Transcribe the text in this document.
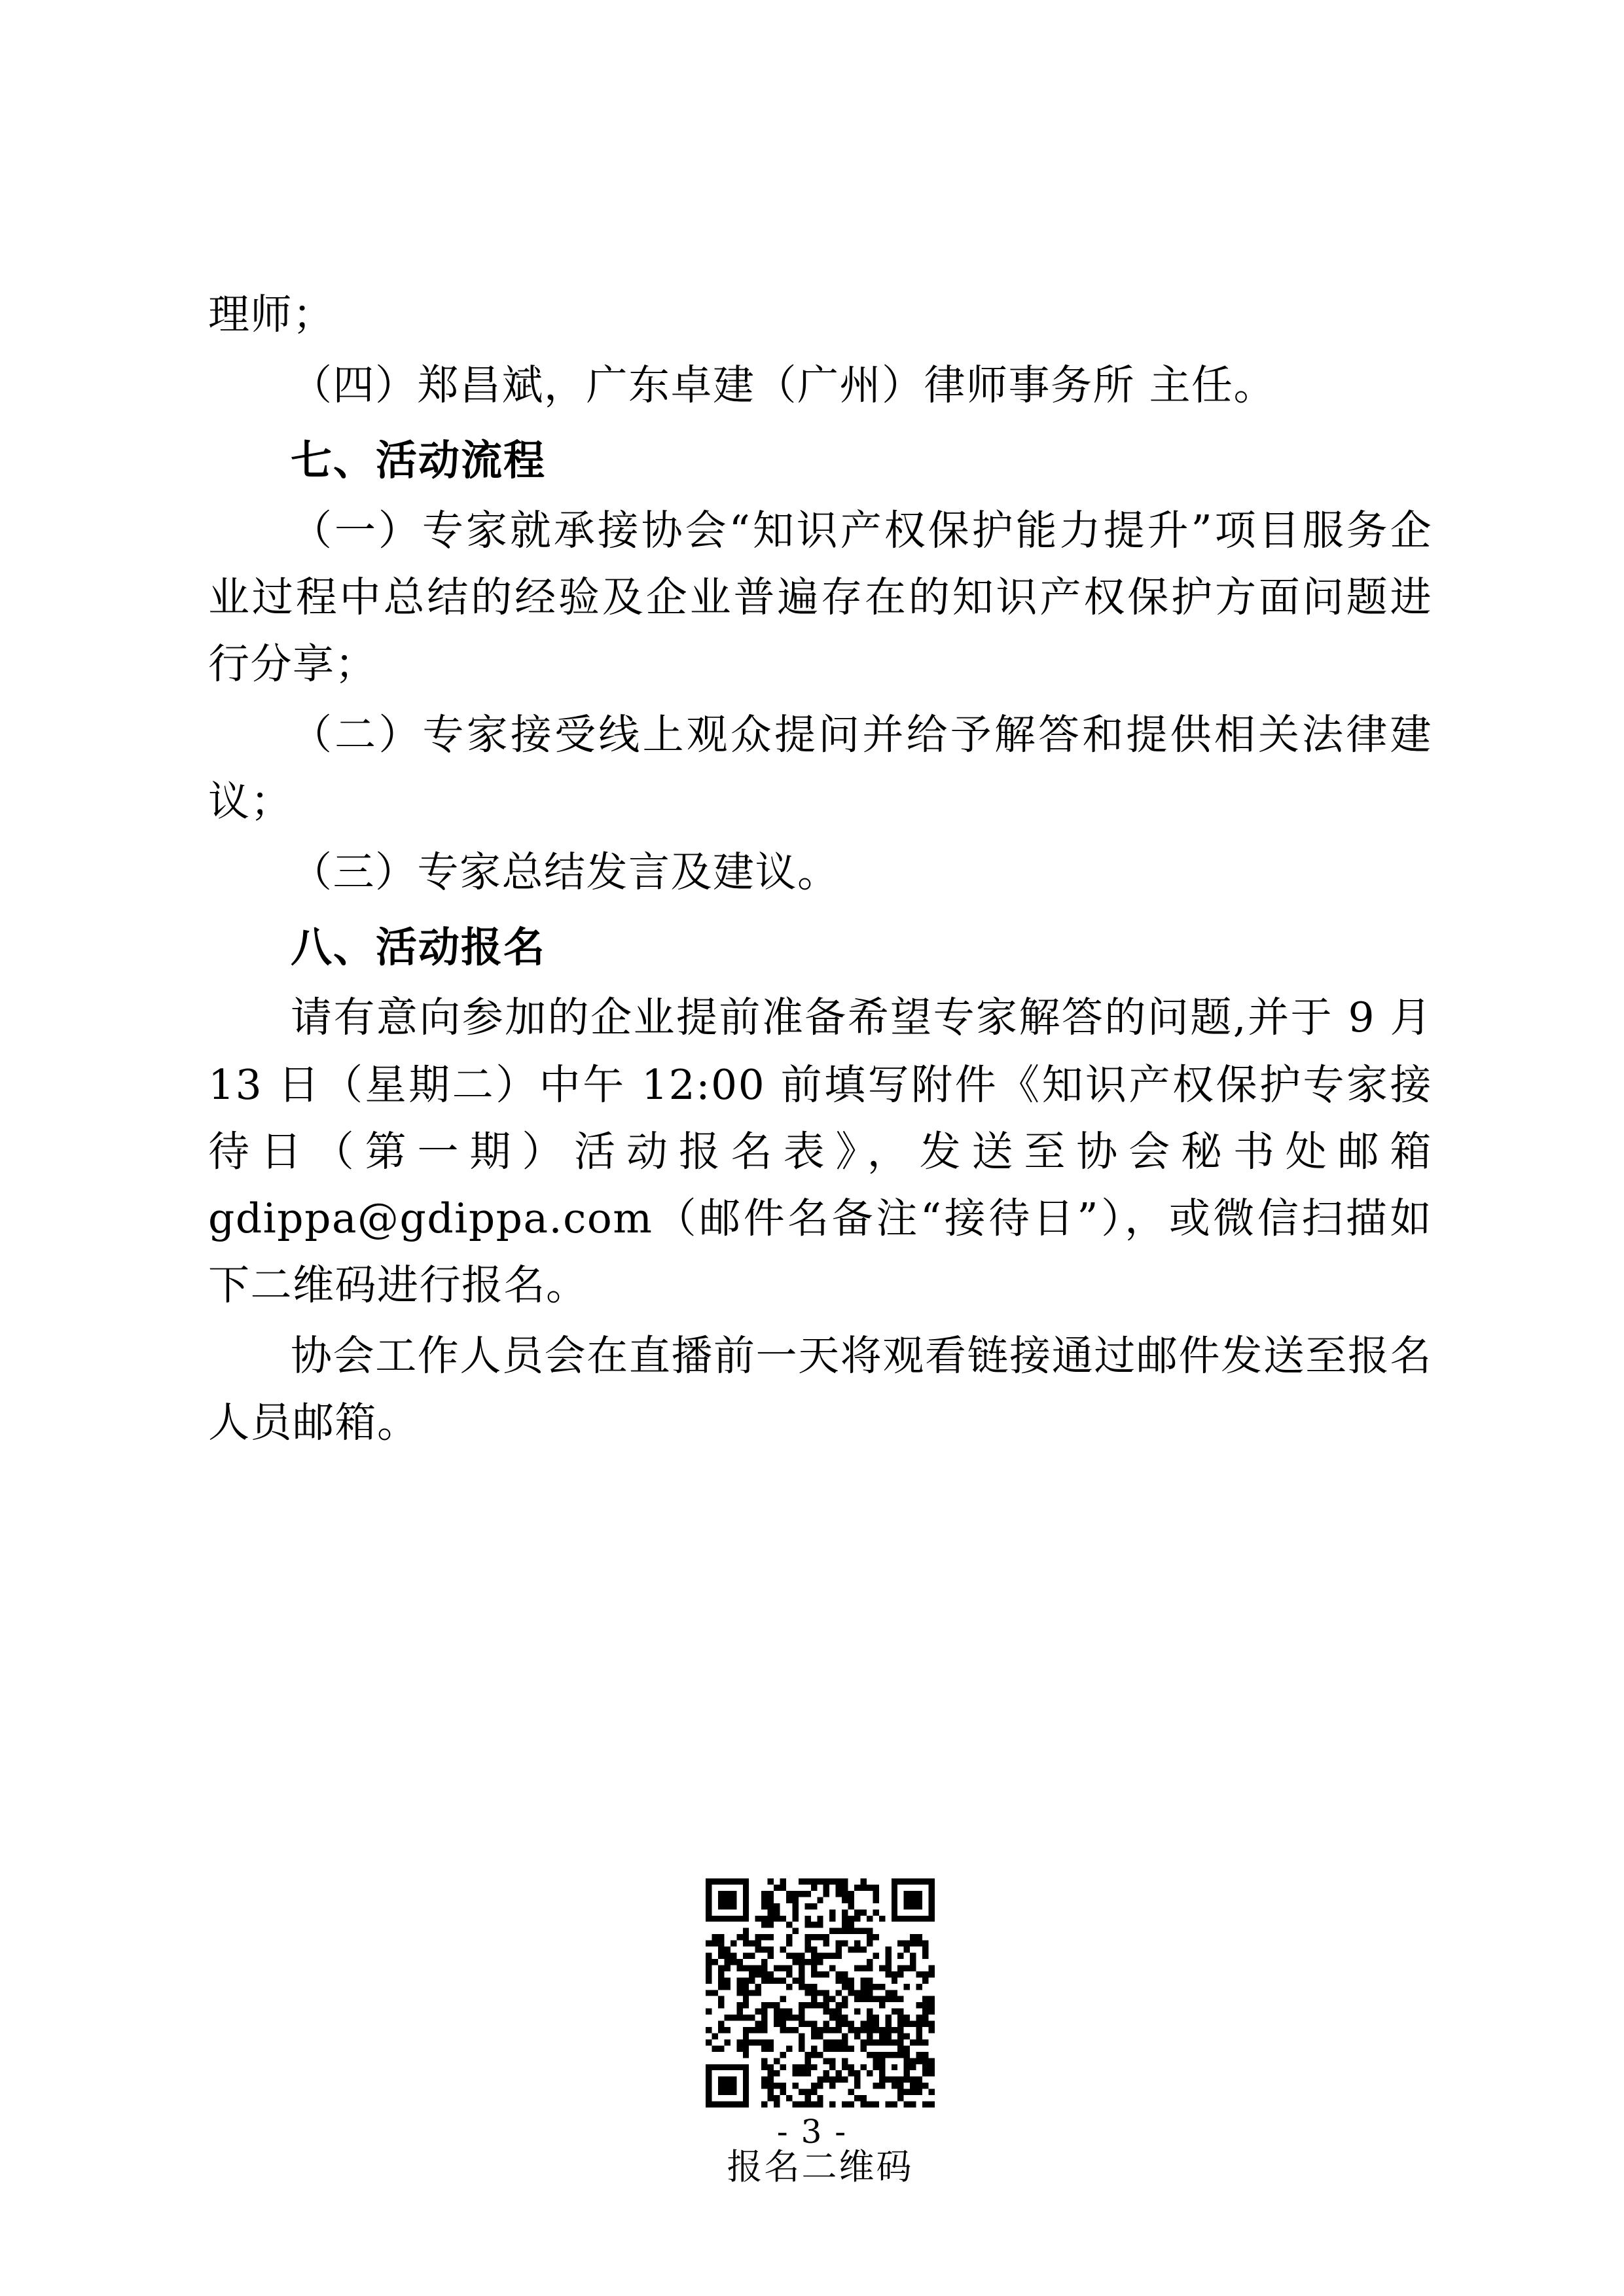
理师；
（四）郑昌斌，广东卓建（广州）律师事务所 主任。
七、活动流程
（一）专家就承接协会“知识产权保护能力提升”项目服务企业过程中总结的经验及企业普遍存在的知识产权保护方面问题进行分享；
（二）专家接受线上观众提问并给予解答和提供相关法律建议；
（三）专家总结发言及建议。
八、活动报名
请有意向参加的企业提前准备希望专家解答的问题,并于 9 月 13 日（星期二）中午 12:00 前填写附件《知识产权保护专家接待日（第一期）活动报名表》，发送至协会秘书处邮箱 gdippa@gdippa.com（邮件名备注“接待日”），或微信扫描如下二维码进行报名。
协会工作人员会在直播前一天将观看链接通过邮件发送至报名人员邮箱。
报名二维码
- 3 -
